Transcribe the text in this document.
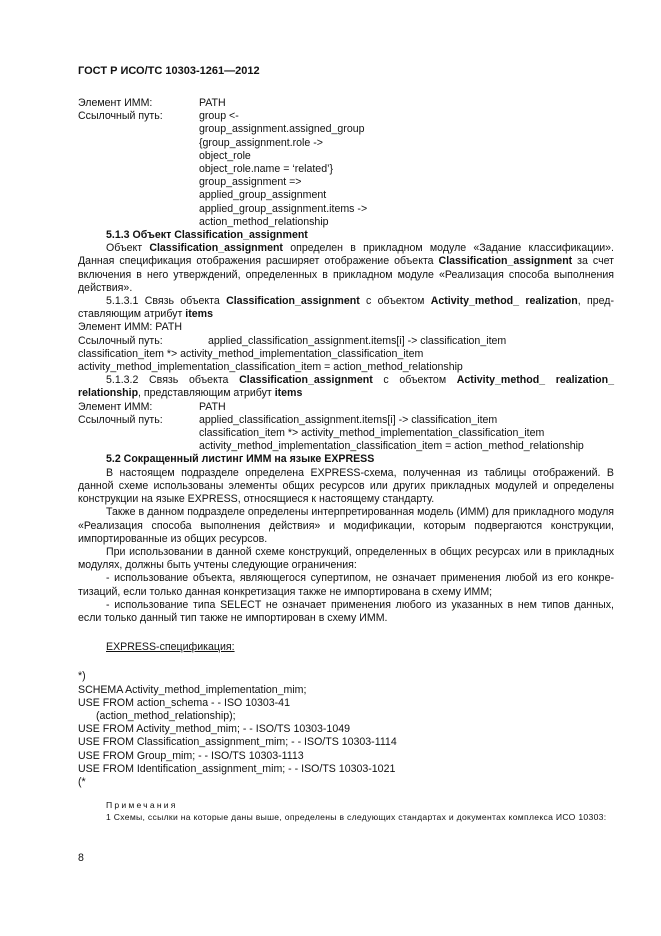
ГОСТ Р ИСО/ТС 10303-1261—2012
Элемент ИММ:	PATH
Ссылочный путь:	group <-
group_assignment.assigned_group
{group_assignment.role ->
object_role
object_role.name = ‘related’}
group_assignment =>
applied_group_assignment
applied_group_assignment.items ->
action_method_relationship
5.1.3 Объект Classification_assignment
Объект Classification_assignment определен в прикладном модуле «Задание классификации». Данная спецификация отображения расширяет отображение объекта Classification_assignment за счет включения в него утверждений, определенных в прикладном модуле «Реализация способа выполнения действия».
5.1.3.1 Связь объекта Classification_assignment с объектом Activity_method_ realization, представляющим атрибут items
Элемент ИММ: PATH
Ссылочный путь:	applied_classification_assignment.items[i] -> classification_item
classification_item *> activity_method_implementation_classification_item
activity_method_implementation_classification_item = action_method_relationship
5.1.3.2 Связь объекта Classification_assignment с объектом Activity_method_ realization_ relationship, представляющим атрибут items
Элемент ИММ:	PATH
Ссылочный путь:	applied_classification_assignment.items[i] -> classification_item
classification_item *> activity_method_implementation_classification_item
activity_method_implementation_classification_item = action_method_relationship
5.2 Сокращенный листинг ИММ на языке EXPRESS
В настоящем подразделе определена EXPRESS-схема, полученная из таблицы отображений. В данной схеме использованы элементы общих ресурсов или других прикладных модулей и определены конструкции на языке EXPRESS, относящиеся к настоящему стандарту.
Также в данном подразделе определены интерпретированная модель (ИММ) для прикладного модуля «Реализация способа выполнения действия» и модификации, которым подвергаются конструкции, импортированные из общих ресурсов.
При использовании в данной схеме конструкций, определенных в общих ресурсах или в прикладных модулях, должны быть учтены следующие ограничения:
- использование объекта, являющегося супертипом, не означает применения любой из его конкретизаций, если только данная конкретизация также не импортирована в схему ИММ;
- использование типа SELECT не означает применения любого из указанных в нем типов данных, если только данный тип также не импортирован в схему ИММ.
EXPRESS-спецификация:
*)
SCHEMA Activity_method_implementation_mim;
USE FROM action_schema - - ISO 10303-41
(action_method_relationship);
USE FROM Activity_method_mim; - - ISO/TS 10303-1049
USE FROM Classification_assignment_mim; - - ISO/TS 10303-1114
USE FROM Group_mim; - - ISO/TS 10303-1113
USE FROM Identification_assignment_mim; - - ISO/TS 10303-1021
(*
Примечания
1 Схемы, ссылки на которые даны выше, определены в следующих стандартах и документах комплекса ИСО 10303:
8
